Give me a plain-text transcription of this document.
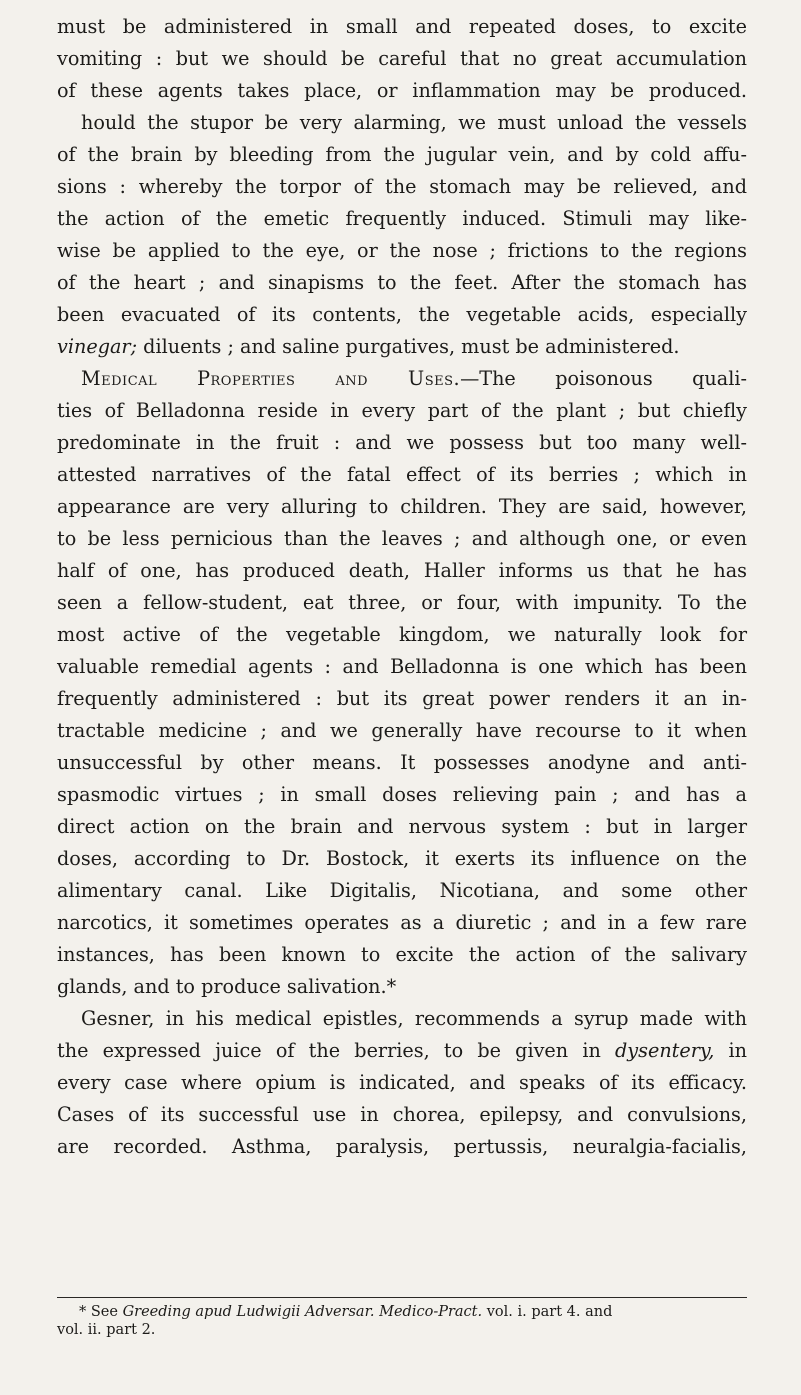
must be administered in small and repeated doses, to excite
vomiting : but we should be careful that no great accumulation
of these agents takes place, or inflammation may be produced.
hould the stupor be very alarming, we must unload the vessels
of the brain by bleeding from the jugular vein, and by cold affu-
sions : whereby the torpor of the stomach may be relieved, and
the action of the emetic frequently induced. Stimuli may like-
wise be applied to the eye, or the nose ; frictions to the regions
of the heart ; and sinapisms to the feet. After the stomach has
been evacuated of its contents, the vegetable acids, especially
vinegar; diluents ; and saline purgatives, must be administered.
Medical Properties and Uses.—The poisonous quali-
ties of Belladonna reside in every part of the plant ; but chiefly
predominate in the fruit : and we possess but too many well-
attested narratives of the fatal effect of its berries ; which in
appearance are very alluring to children. They are said, however,
to be less pernicious than the leaves ; and although one, or even
half of one, has produced death, Haller informs us that he has
seen a fellow-student, eat three, or four, with impunity. To the
most active of the vegetable kingdom, we naturally look for
valuable remedial agents : and Belladonna is one which has been
frequently administered : but its great power renders it an in-
tractable medicine ; and we generally have recourse to it when
unsuccessful by other means. It possesses anodyne and anti-
spasmodic virtues ; in small doses relieving pain ; and has a
direct action on the brain and nervous system : but in larger
doses, according to Dr. Bostock, it exerts its influence on the
alimentary canal. Like Digitalis, Nicotiana, and some other
narcotics, it sometimes operates as a diuretic ; and in a few rare
instances, has been known to excite the action of the salivary
glands, and to produce salivation.*
Gesner, in his medical epistles, recommends a syrup made with
the expressed juice of the berries, to be given in dysentery, in
every case where opium is indicated, and speaks of its efficacy.
Cases of its successful use in chorea, epilepsy, and convulsions,
are recorded. Asthma, paralysis, pertussis, neuralgia-facialis,
* See Greeding apud Ludwigii Adversar. Medico-Pract. vol. i. part 4. and
vol. ii. part 2.
